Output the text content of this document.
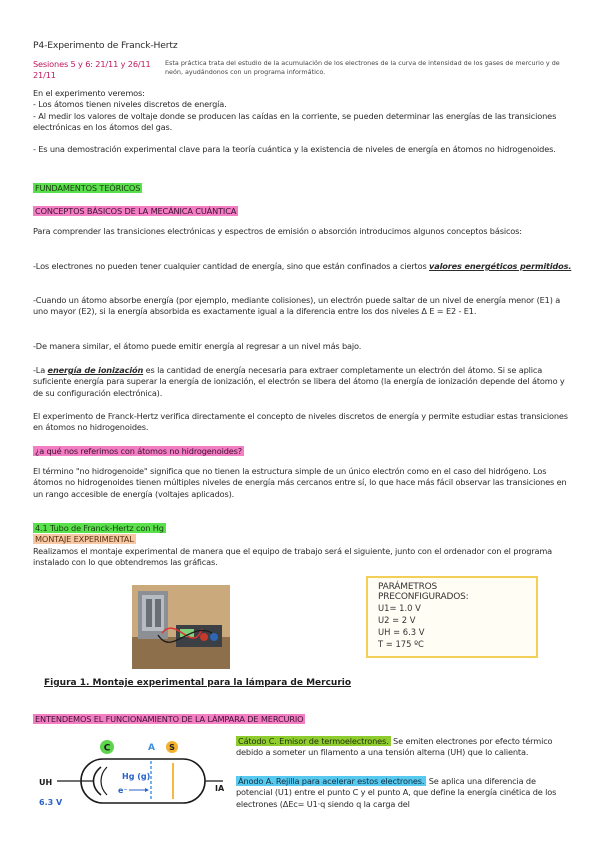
P4-Experimento de Franck-Hertz
Sesiones 5 y 6: 21/11 y 26/11
21/11
Esta práctica trata del estudio de la acumulación de los electrones de la curva de intensidad de los gases de mercurio y de neón, ayudándonos con un programa informático.
En el experimento veremos:
- Los átomos tienen niveles discretos de energía.
- Al medir los valores de voltaje donde se producen las caídas en la corriente, se pueden determinar las energías de las transiciones electrónicas en los átomos del gas.
- Es una demostración experimental clave para la teoría cuántica y la existencia de niveles de energía en átomos no hidrogenoides.
FUNDAMENTOS TEÓRICOS
CONCEPTOS BÁSICOS DE LA MECÁNICA CUÁNTICA
Para comprender las transiciones electrónicas y espectros de emisión o absorción introducimos algunos conceptos básicos:
-Los electrones no pueden tener cualquier cantidad de energía, sino que están confinados a ciertos valores energéticos permitidos.
-Cuando un átomo absorbe energía (por ejemplo, mediante colisiones), un electrón puede saltar de un nivel de energía menor (E1) a uno mayor (E2), si la energía absorbida es exactamente igual a la diferencia entre los dos niveles Δ E = E2 - E1.
-De manera similar, el átomo puede emitir energía al regresar a un nivel más bajo.
-La energía de ionización es la cantidad de energía necesaria para extraer completamente un electrón del átomo. Si se aplica suficiente energía para superar la energía de ionización, el electrón se libera del átomo (la energía de ionización depende del átomo y de su configuración electrónica).
El experimento de Franck-Hertz verifica directamente el concepto de niveles discretos de energía y permite estudiar estas transiciones en átomos no hidrogenoides.
¿a qué nos referimos con átomos no hidrogenoides?
El término "no hidrogenoide" significa que no tienen la estructura simple de un único electrón como en el caso del hidrógeno. Los átomos no hidrogenoides tienen múltiples niveles de energía más cercanos entre sí, lo que hace más fácil observar las transiciones en un rango accesible de energía (voltajes aplicados).
4.1 Tubo de Franck-Hertz con Hg
MONTAJE EXPERIMENTAL
Realizamos el montaje experimental de manera que el equipo de trabajo será el siguiente, junto con el ordenador con el programa instalado con lo que obtendremos las gráficas.
Figura 1. Montaje experimental para la lámpara de Mercurio
PARÁMETROS PRECONFIGURADOS:
U1= 1.0 V
U2 = 2 V
UH = 6.3 V
T = 175 ºC
ENTENDEMOS EL FUNCIONAMIENTO DE LA LÁMPARA DE MERCURIO
C	A S
Hg (g)
e⁻
UH
6.3 V
IA
Cátodo C. Emisor de termoelectrones. Se emiten electrones por efecto térmico debido a someter un filamento a una tensión alterna (UH) que lo calienta.
Ánodo A. Rejilla para acelerar estos electrones. Se aplica una diferencia de potencial (U1) entre el punto C y el punto A, que define la energía cinética de los electrones (ΔEc= U1·q siendo q la carga del
